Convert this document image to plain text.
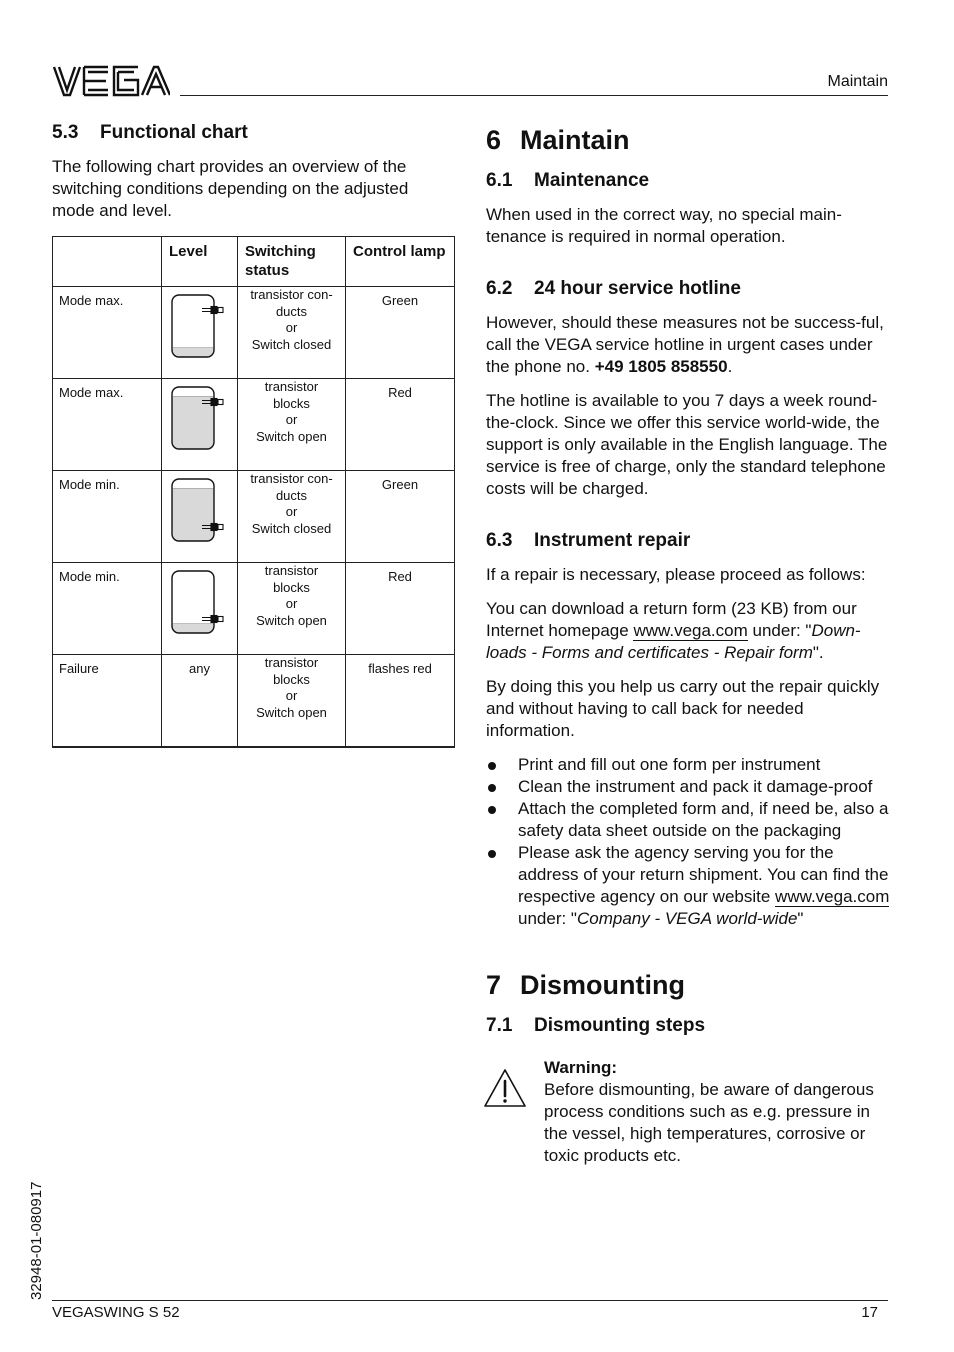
Maintain
5.3 Functional chart

The following chart provides an overview of the switching conditions depending on the adjusted mode and level.

	Level	Switching status	Control lamp
Mode max.		transistor con-
ducts
or
Switch closed	Green
Mode max.		transistor
blocks
or
Switch open	Red
Mode min.		transistor con-
ducts
or
Switch closed	Green
Mode min.		transistor
blocks
or
Switch open	Red
Failure	any	transistor
blocks
or
Switch open	flashes red
6 Maintain
6.1 Maintenance

When used in the correct way, no special main-tenance is required in normal operation.

6.2 24 hour service hotline

However, should these measures not be success-ful, call the VEGA service hotline in urgent cases under the phone no. +49 1805 858550.

The hotline is available to you 7 days a week round-the-clock. Since we offer this service world-wide, the support is only available in the English language. The service is free of charge, only the standard telephone costs will be charged.

6.3 Instrument repair

If a repair is necessary, please proceed as follows:

You can download a return form (23 KB) from our Internet homepage www.vega.com under: "Down-loads - Forms and certificates - Repair form".

By doing this you help us carry out the repair quickly and without having to call back for needed information.

Print and fill out one form per instrument
Clean the instrument and pack it damage-proof
Attach the completed form and, if need be, also a safety data sheet outside on the packaging
Please ask the agency serving you for the address of your return shipment. You can find the respective agency on our website www.vega.com under: "Company - VEGA world-wide"
7 Dismounting
7.1 Dismounting steps
Warning:

Before dismounting, be aware of dangerous process conditions such as e.g. pressure in the vessel, high temperatures, corrosive or toxic products etc.

32948-01-080917
VEGASWING S 52	17
